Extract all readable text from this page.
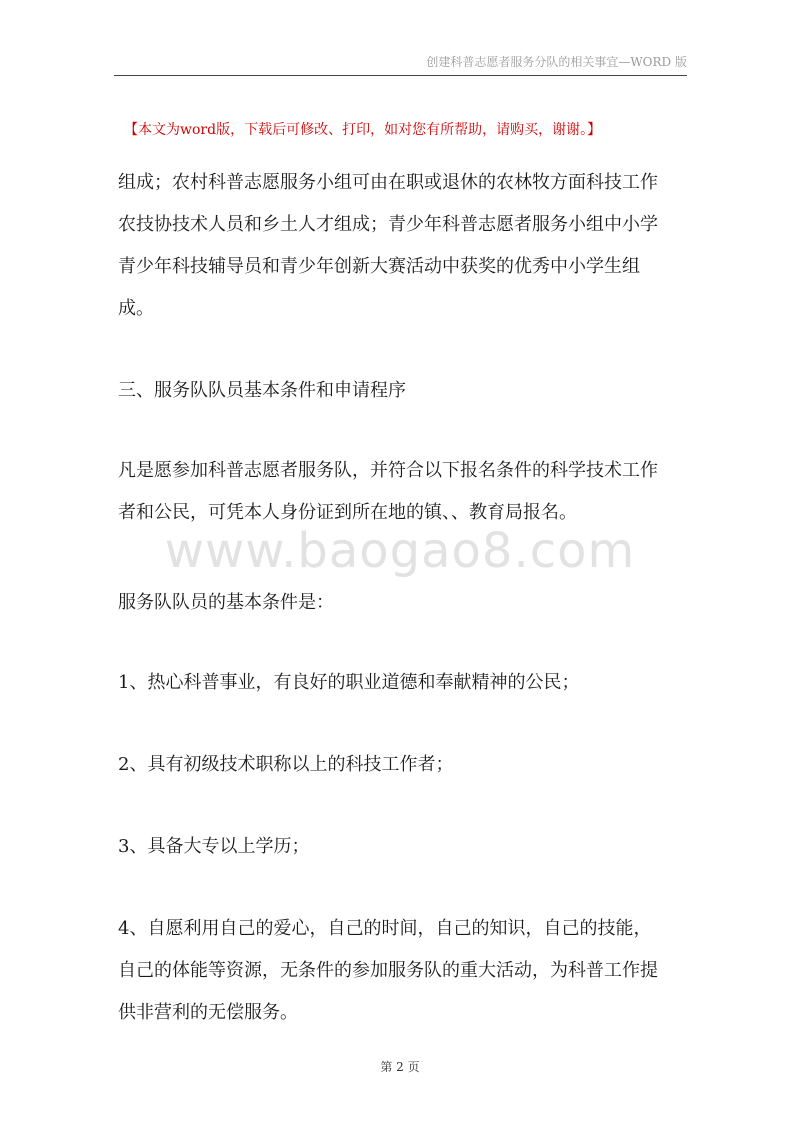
创建科普志愿者服务分队的相关事宜—WORD 版
【本文为word版，下载后可修改、打印，如对您有所帮助，请购买，谢谢。】
www.baogao8.com
组成；农村科普志愿服务小组可由在职或退休的农林牧方面科技工作
农技协技术人员和乡土人才组成；青少年科普志愿者服务小组中小学
青少年科技辅导员和青少年创新大赛活动中获奖的优秀中小学生组
成。
三、服务队队员基本条件和申请程序
凡是愿参加科普志愿者服务队，并符合以下报名条件的科学技术工作
者和公民，可凭本人身份证到所在地的镇、、教育局报名。
服务队队员的基本条件是：
1、热心科普事业，有良好的职业道德和奉献精神的公民；
2、具有初级技术职称以上的科技工作者；
3、具备大专以上学历；
4、自愿利用自己的爱心，自己的时间，自己的知识，自己的技能，
自己的体能等资源，无条件的参加服务队的重大活动，为科普工作提
供非营利的无偿服务。
第 2 页
